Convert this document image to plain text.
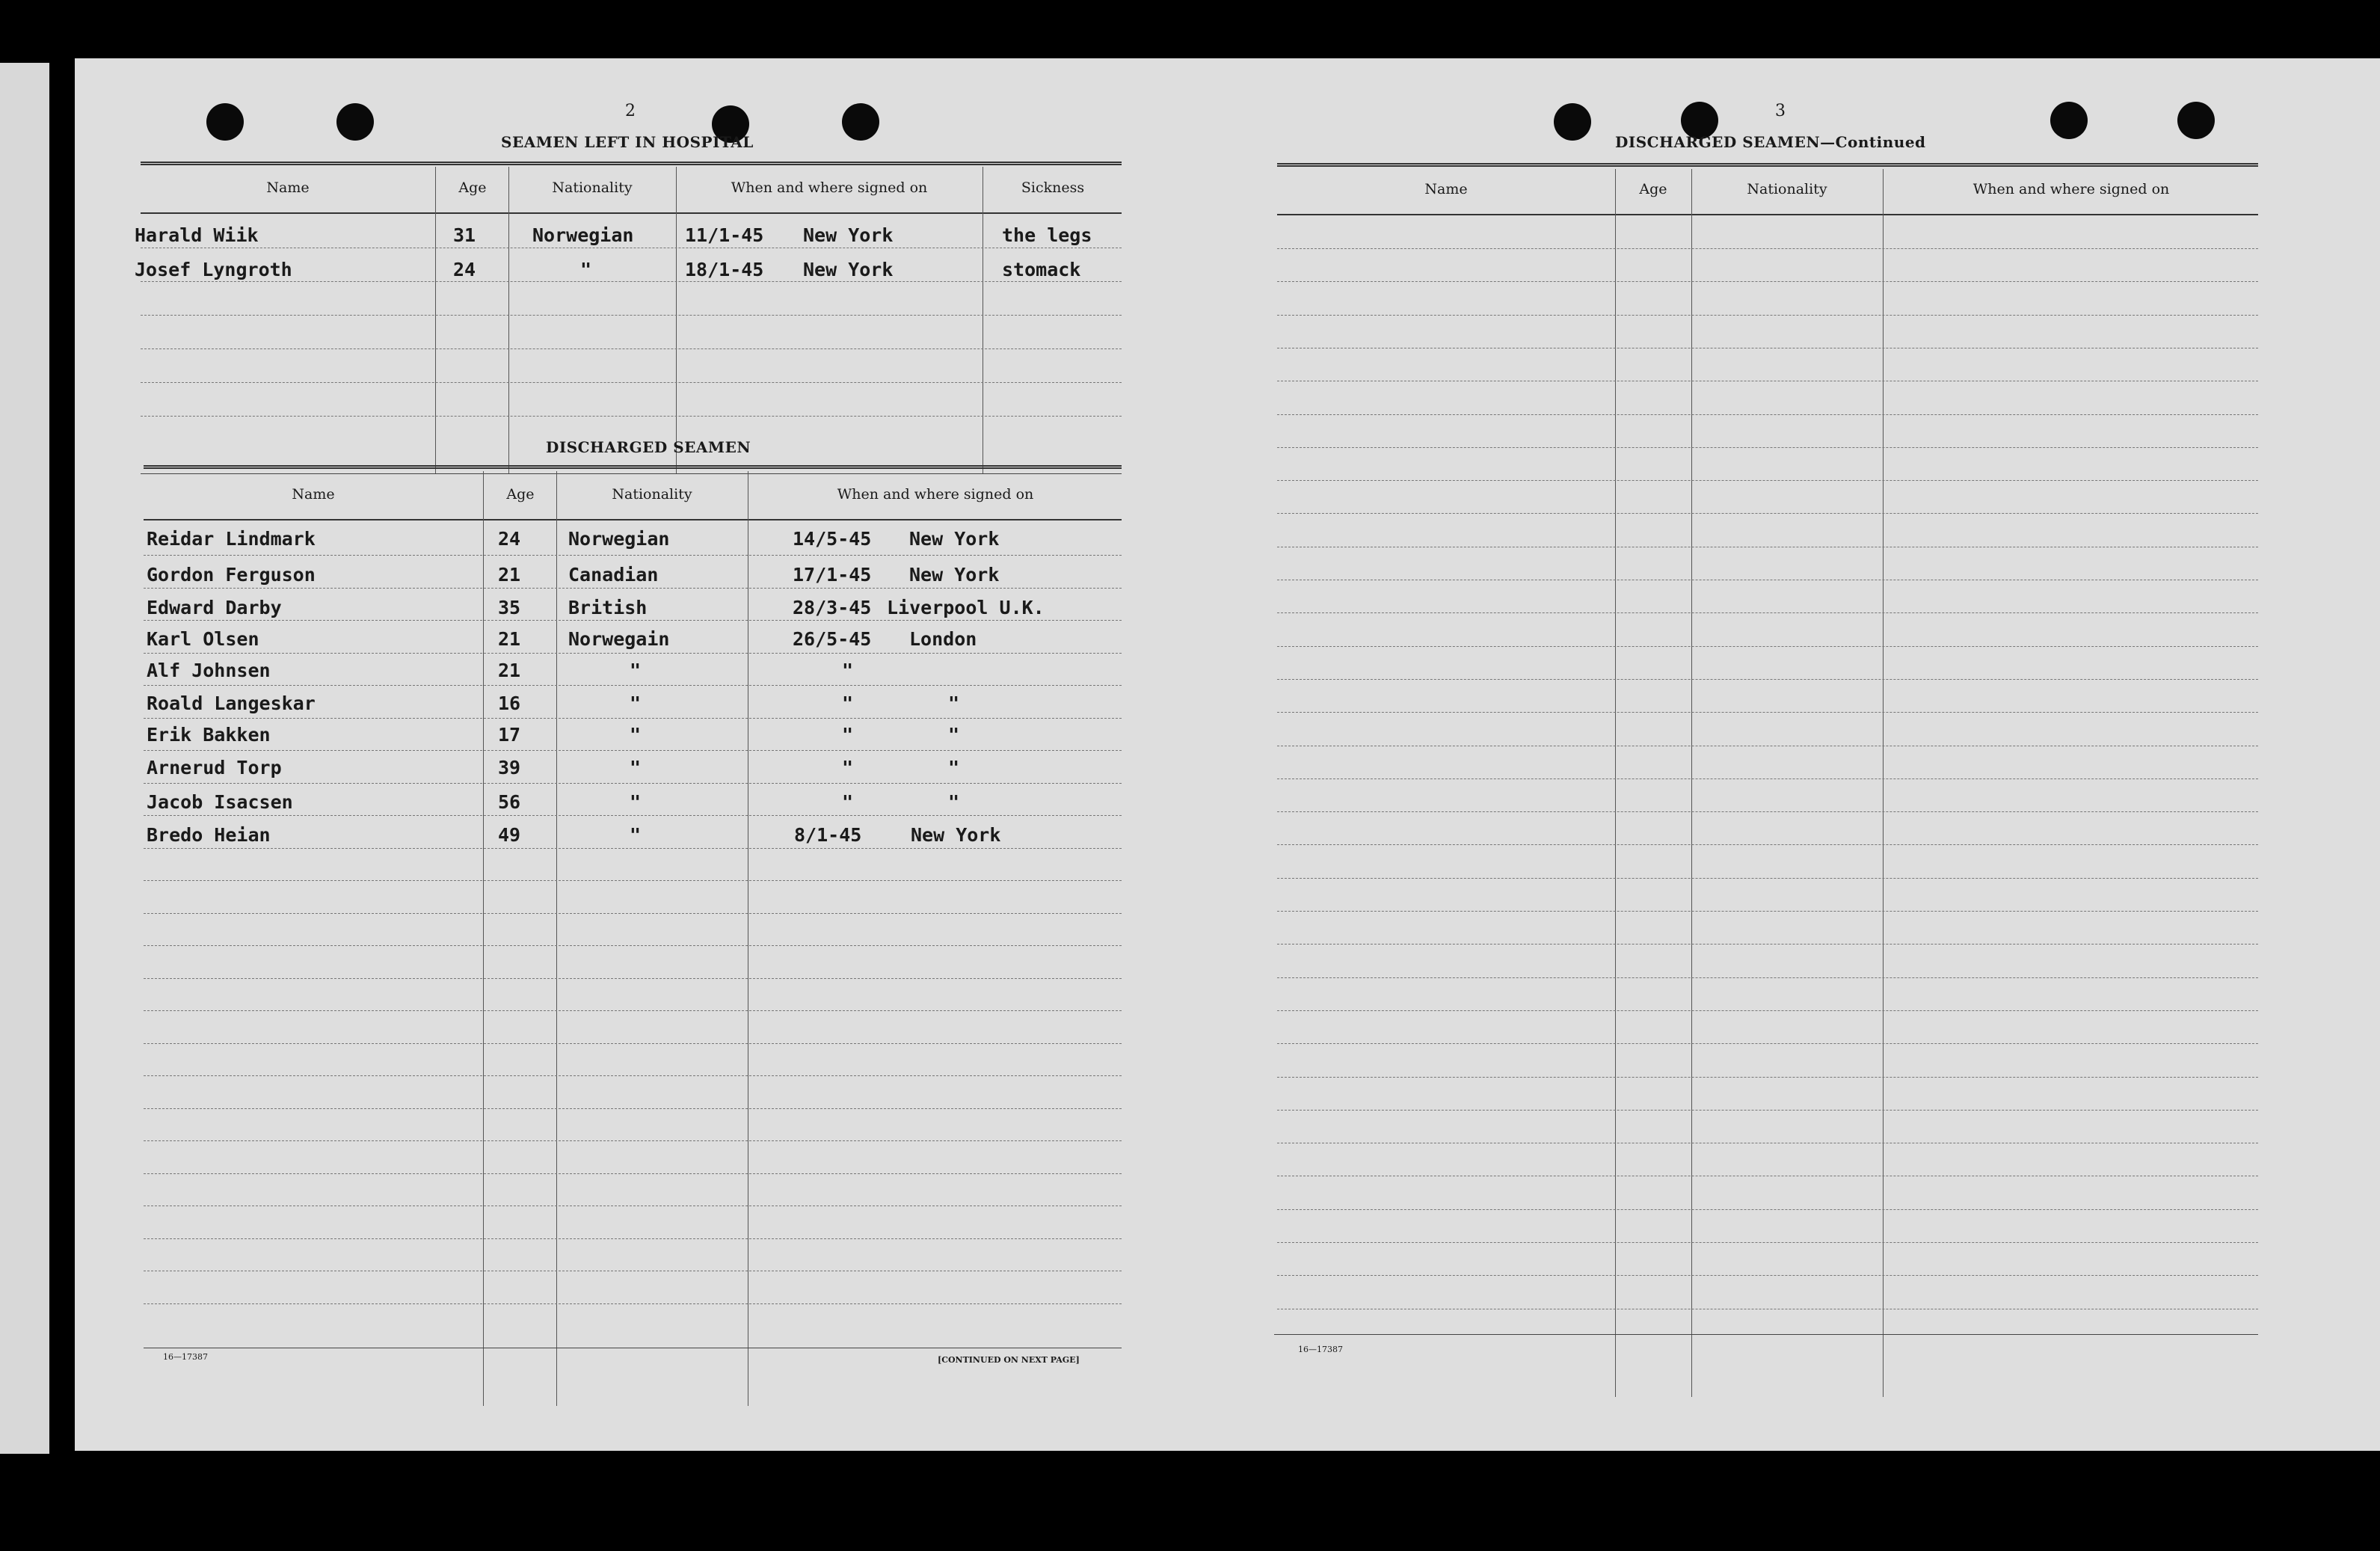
2
SEAMEN LEFT IN HOSPITAL
Name	Age	Nationality	When and where signed on	Sickness
Harald Wiik	31	Norwegian	11/1-45 New York	the legs
Josef Lyngroth	24	"	18/1-45 New York	stomack
DISCHARGED SEAMEN
Name	Age	Nationality	When and where signed on
Reidar Lindmark	24	Norwegian	14/5-45 New York
Gordon Ferguson	21	Canadian	17/1-45 New York
Edward Darby	35	British	28/3-45 Liverpool U.K.
Karl Olsen	21	Norwegain	26/5-45 London
Alf Johnsen	21	"	"
Roald Langeskar	16	"	"	"
Erik Bakken	17	"	"	"
Arnerud Torp	39	"	"	"
Jacob Isacsen	56	"	"	"
Bredo Heian	49	"	8/1-45	New York
16—17387	[CONTINUED ON NEXT PAGE]
3
DISCHARGED SEAMEN—Continued
Name	Age	Nationality	When and where signed on
16—17387
